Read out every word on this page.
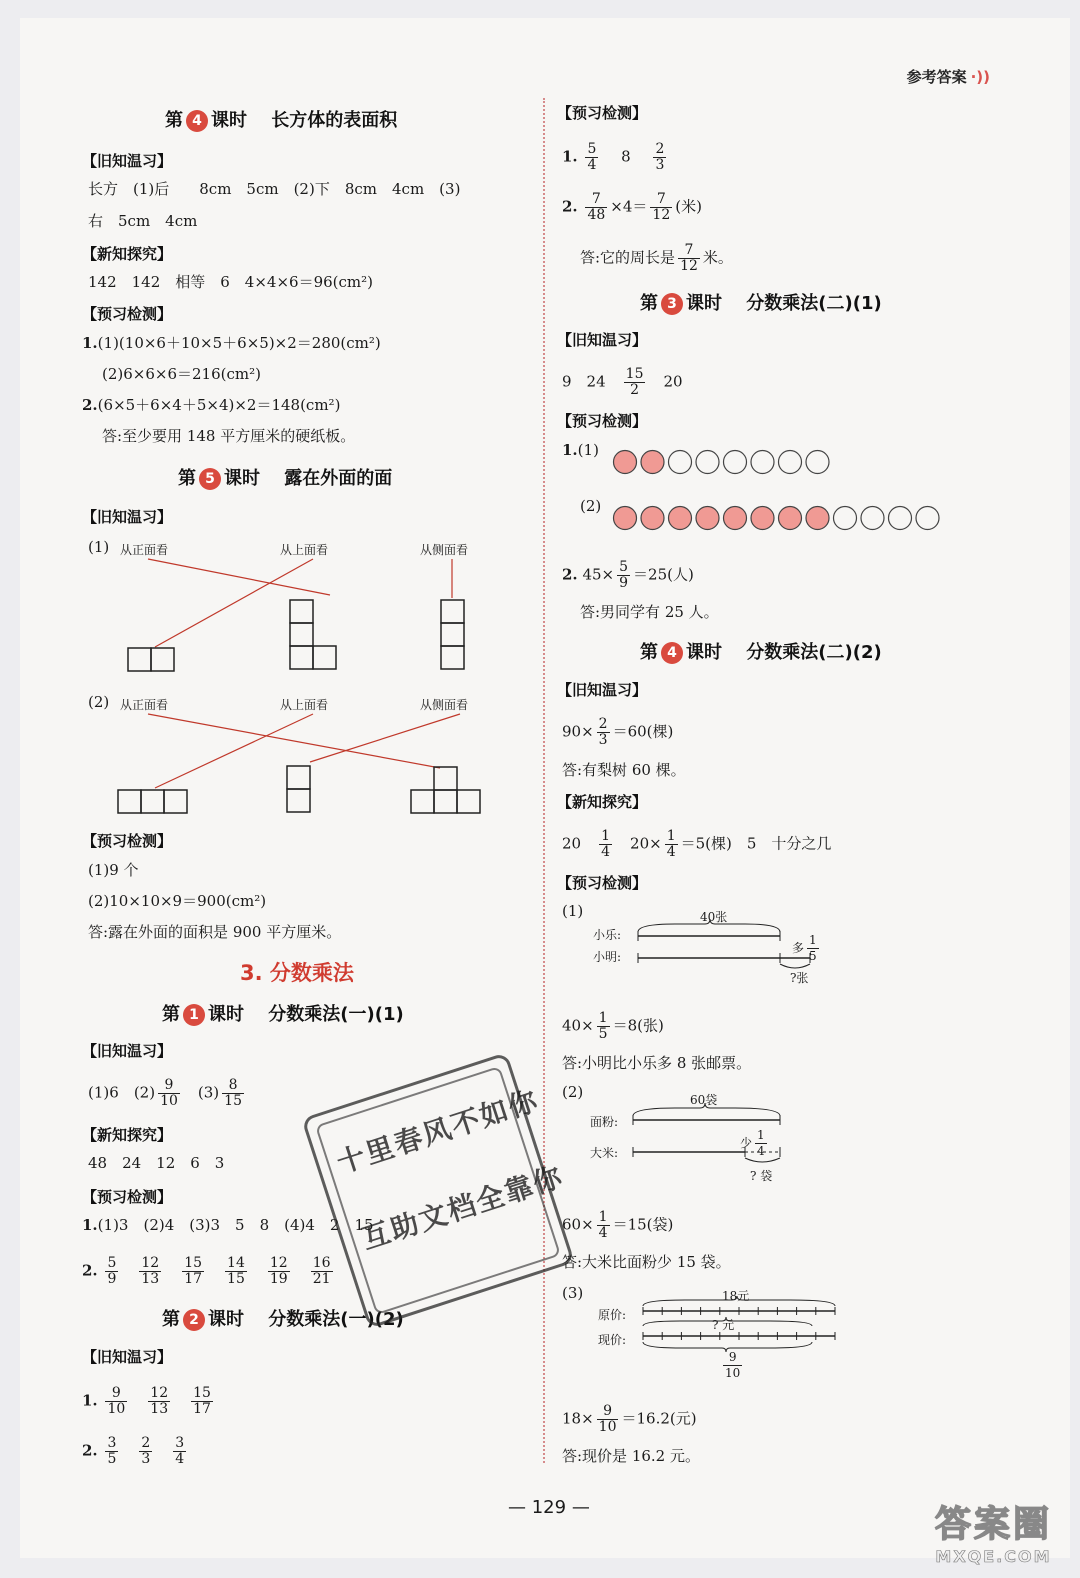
参考答案 ·))
第 4 课时　 长方体的表面积
【旧知温习】
长方　(1)后　　8cm　5cm　(2)下　8cm　4cm　(3)
右　5cm　4cm
【新知探究】
142　142　相等　6　4×4×6＝96(cm²)
【预习检测】
1.(1)(10×6＋10×5＋6×5)×2＝280(cm²)
(2)6×6×6＝216(cm²)
2.(6×5＋6×4＋5×4)×2＝148(cm²)
答:至少要用 148 平方厘米的硬纸板。
第 5 课时　 露在外面的面
【旧知温习】
(1) 从正面看	从上面看	从侧面看
(2) 从正面看	从上面看	从侧面看
【预习检测】
(1)9 个
(2)10×10×9＝900(cm²)
答:露在外面的面积是 900 平方厘米。
3. 分数乘法
第 1 课时　 分数乘法(一)(1)
【旧知温习】
(1)6　 $(2) \frac{9}{10}$
　 $(3) \frac{8}{15}$
【新知探究】
48　24　12　6　3
【预习检测】
1.(1)3　(2)4　(3)3　5　8　(4)4　2　15
2. $\frac{5}{9} \frac{12}{13} \frac{15}{17} \frac{14}{15} \frac{12}{19} \frac{16}{21}$
第 2 课时　 分数乘法(一)(2)
【旧知温习】
1. $\frac{9}{10} \frac{12}{13} \frac{15}{17}$
2. $\frac{3}{5} \frac{2}{3} \frac{3}{4}$
十里春风不如你
互助文档全靠你
【预习检测】
1. $\frac{5}{4}$
　 8　 $\frac{2}{3}$
2. $\frac{7}{48} \times 4= \frac{7}{12}$ (米)
答:它的周长是 $\frac{7}{12}$ 米。
第 3 课时　 分数乘法(二)(1)
【旧知温习】
9　24　 $\frac{15}{2}$
　 20
【预习检测】
1.(1)
(2)
2. $45\times \frac{5}{9} =25$(人)
答:男同学有 25 人。
第 4 课时　 分数乘法(二)(2)
【旧知温习】
$90\times \frac{2}{3} =60$(棵)
答:有梨树 60 棵。
【新知探究】
20　 $\frac{1}{4}$
　 $20\times \frac{1}{4} =5$(棵)　5　十分之几
【预习检测】
(1)	40张
小乐:
小明:
多 $\frac{1}{5}$
?张
$40\times \frac{1}{5} =8$(张)
答:小明比小乐多 8 张邮票。
(2)	60袋
面粉:
大米:
少 $\frac{1}{4}$
? 袋
$60\times \frac{1}{4} =15$(袋)
答:大米比面粉少 15 袋。
(3)	18元
原价:
现价:
? 元
$\frac{9}{10}$
$18\times \frac{9}{10} =16.2$(元)
答:现价是 16.2 元。
— 129 —	答案圈
MXQE.COM
